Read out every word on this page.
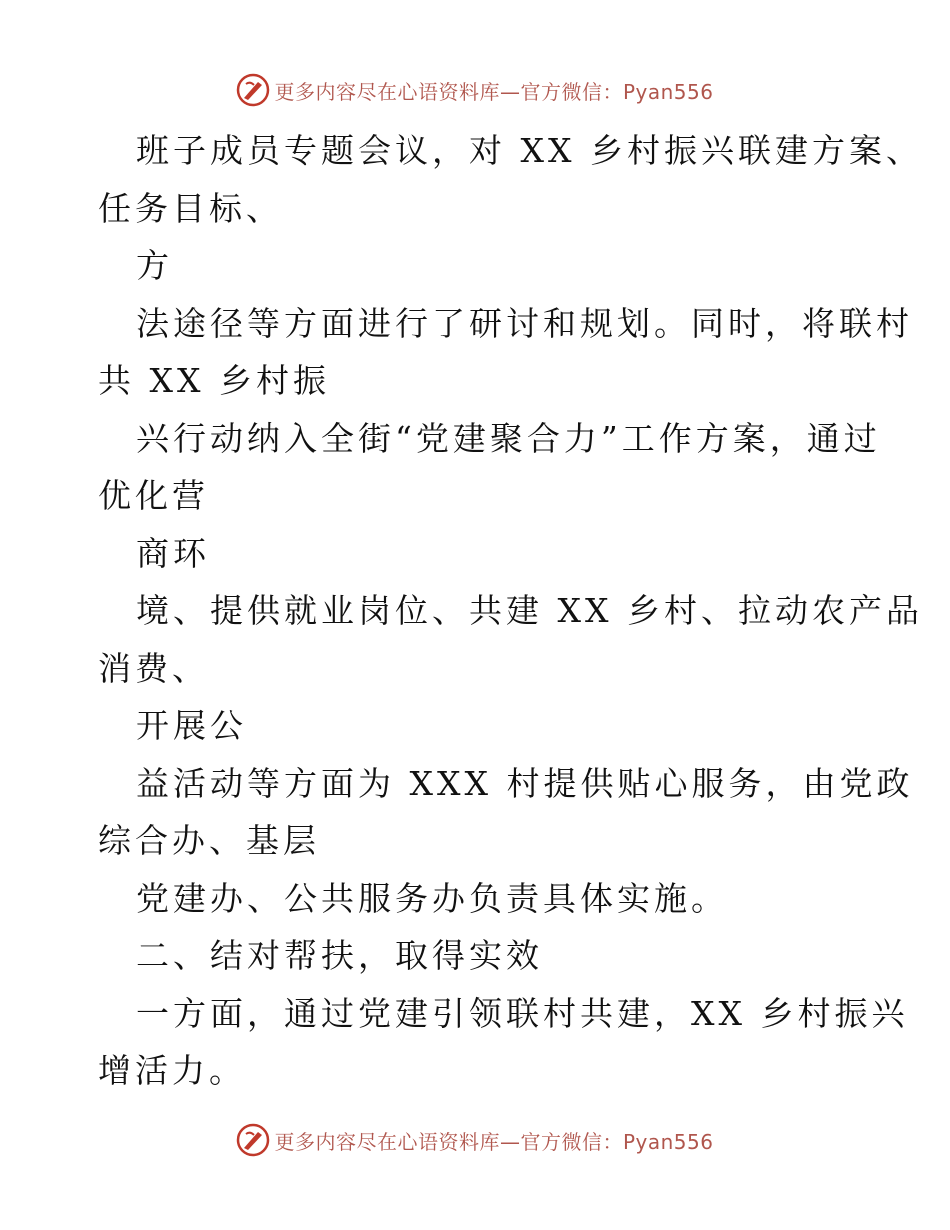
更多内容尽在心语资料库—官方微信：Pyan556

班子成员专题会议，对 XX 乡村振兴联建方案、

任务目标、

方

法途径等方面进行了研讨和规划。同时，将联村

共 XX 乡村振

兴行动纳入全街“党建聚合力”工作方案，通过

优化营

商环

境、提供就业岗位、共建 XX 乡村、拉动农产品

消费、

开展公

益活动等方面为 XXX 村提供贴心服务，由党政

综合办、基层

党建办、公共服务办负责具体实施。

二、结对帮扶，取得实效

一方面，通过党建引领联村共建，XX 乡村振兴

增活力。

更多内容尽在心语资料库—官方微信：Pyan556
